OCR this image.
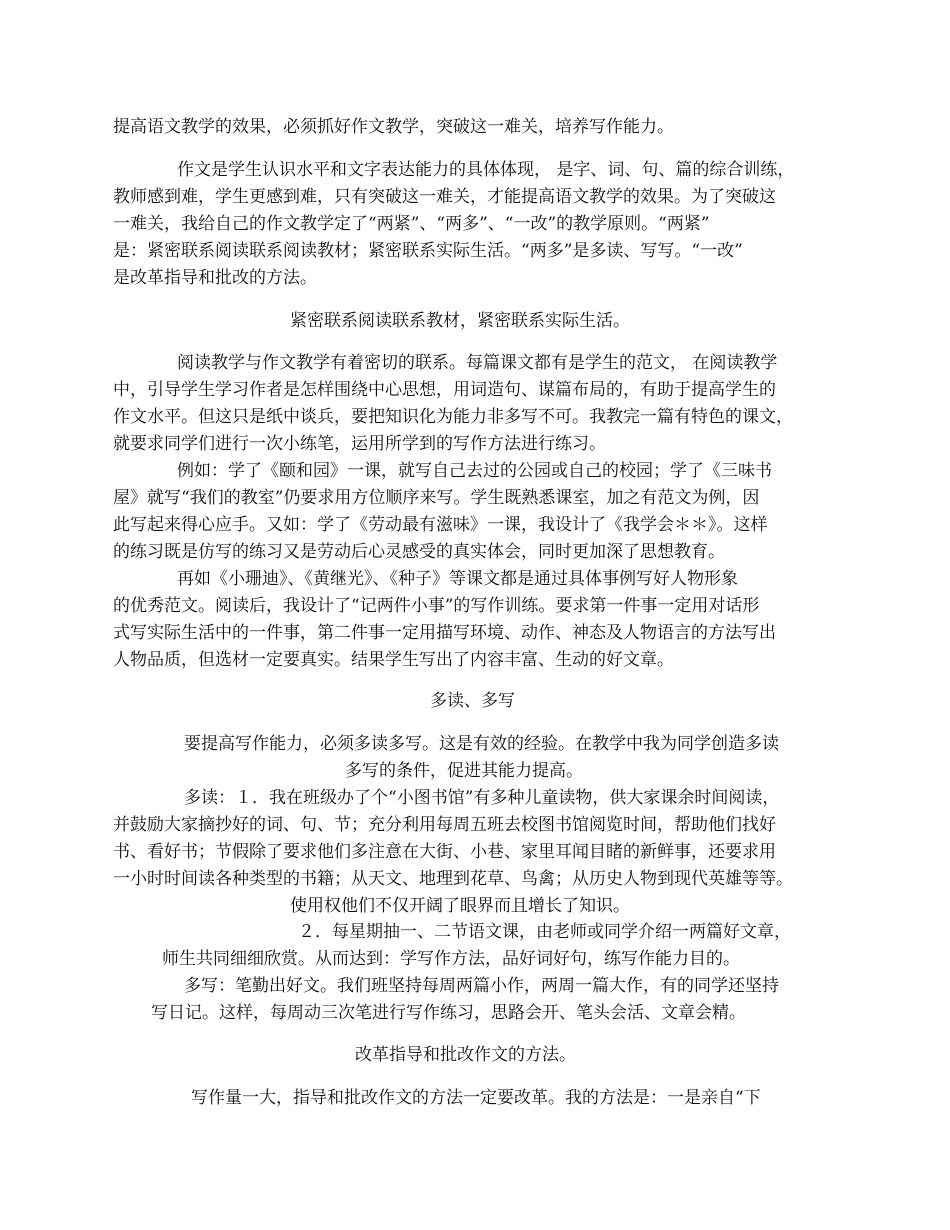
提高语文教学的效果，必须抓好作文教学，突破这一难关，培养写作能力。
作文是学生认识水平和文字表达能力的具体体现， 是字、词、句、篇的综合训练，
教师感到难，学生更感到难，只有突破这一难关，才能提高语文教学的效果。为了突破这
一难关，我给自己的作文教学定了“两紧”、“两多”、“一改”的教学原则。“两紧”
是：紧密联系阅读联系阅读教材；紧密联系实际生活。“两多”是多读、写写。“一改”
是改革指导和批改的方法。
紧密联系阅读联系教材，紧密联系实际生活。
阅读教学与作文教学有着密切的联系。每篇课文都有是学生的范文， 在阅读教学
中，引导学生学习作者是怎样围绕中心思想，用词造句、谋篇布局的，有助于提高学生的
作文水平。但这只是纸中谈兵，要把知识化为能力非多写不可。我教完一篇有特色的课文，
就要求同学们进行一次小练笔，运用所学到的写作方法进行练习。
例如：学了《颐和园》一课，就写自己去过的公园或自己的校园；学了《三味书
屋》就写“我们的教室”仍要求用方位顺序来写。学生既熟悉课室，加之有范文为例，因
此写起来得心应手。又如：学了《劳动最有滋味》一课，我设计了《我学会＊＊》。这样
的练习既是仿写的练习又是劳动后心灵感受的真实体会，同时更加深了思想教育。
再如《小珊迪》、《黄继光》、《种子》等课文都是通过具体事例写好人物形象
的优秀范文。阅读后，我设计了“记两件小事”的写作训练。要求第一件事一定用对话形
式写实际生活中的一件事，第二件事一定用描写环境、动作、神态及人物语言的方法写出
人物品质，但选材一定要真实。结果学生写出了内容丰富、生动的好文章。
多读、多写
要提高写作能力，必须多读多写。这是有效的经验。在教学中我为同学创造多读
多写的条件，促进其能力提高。
多读：１．我在班级办了个“小图书馆”有多种儿童读物，供大家课余时间阅读，
并鼓励大家摘抄好的词、句、节；充分利用每周五班去校图书馆阅览时间，帮助他们找好
书、看好书；节假除了要求他们多注意在大街、小巷、家里耳闻目睹的新鲜事，还要求用
一小时时间读各种类型的书籍；从天文、地理到花草、鸟禽；从历史人物到现代英雄等等。
使用权他们不仅开阔了眼界而且增长了知识。
２．每星期抽一、二节语文课，由老师或同学介绍一两篇好文章，
师生共同细细欣赏。从而达到：学写作方法，品好词好句，练写作能力目的。
多写：笔勤出好文。我们班坚持每周两篇小作，两周一篇大作，有的同学还坚持
写日记。这样，每周动三次笔进行写作练习，思路会开、笔头会活、文章会精。
改革指导和批改作文的方法。
写作量一大，指导和批改作文的方法一定要改革。我的方法是：一是亲自“下
